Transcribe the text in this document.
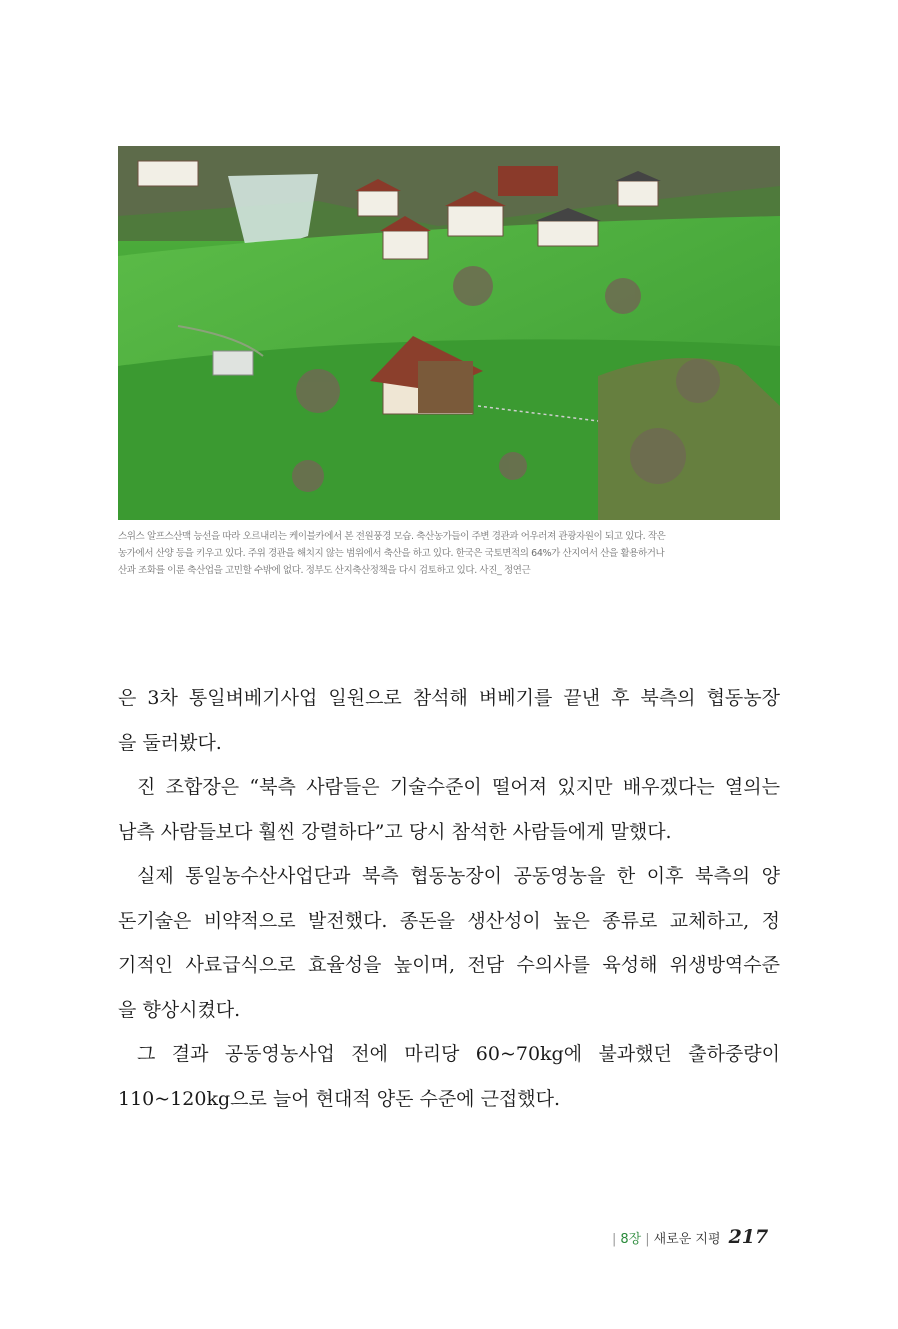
스위스 알프스산맥 능선을 따라 오르내리는 케이블카에서 본 전원풍경 모습. 축산농가들이 주변 경관과 어우러져 관광자원이 되고 있다. 작은
농가에서 산양 등을 키우고 있다. 주위 경관을 해치지 않는 범위에서 축산을 하고 있다. 한국은 국토면적의 64%가 산지여서 산을 활용하거나
산과 조화를 이룬 축산업을 고민할 수밖에 없다. 정부도 산지축산정책을 다시 검토하고 있다. 사진_ 정연근
은 3차 통일벼베기사업 일원으로 참석해 벼베기를 끝낸 후 북측의 협동농장
을 둘러봤다.
진 조합장은 “북측 사람들은 기술수준이 떨어져 있지만 배우겠다는 열의는
남측 사람들보다 훨씬 강렬하다”고 당시 참석한 사람들에게 말했다.
실제 통일농수산사업단과 북측 협동농장이 공동영농을 한 이후 북측의 양
돈기술은 비약적으로 발전했다. 종돈을 생산성이 높은 종류로 교체하고, 정
기적인 사료급식으로 효율성을 높이며, 전담 수의사를 육성해 위생방역수준
을 향상시켰다.
그 결과 공동영농사업 전에 마리당 60~70kg에 불과했던 출하중량이
110~120kg으로 늘어 현대적 양돈 수준에 근접했다.
| 8장 | 새로운 지평 217
